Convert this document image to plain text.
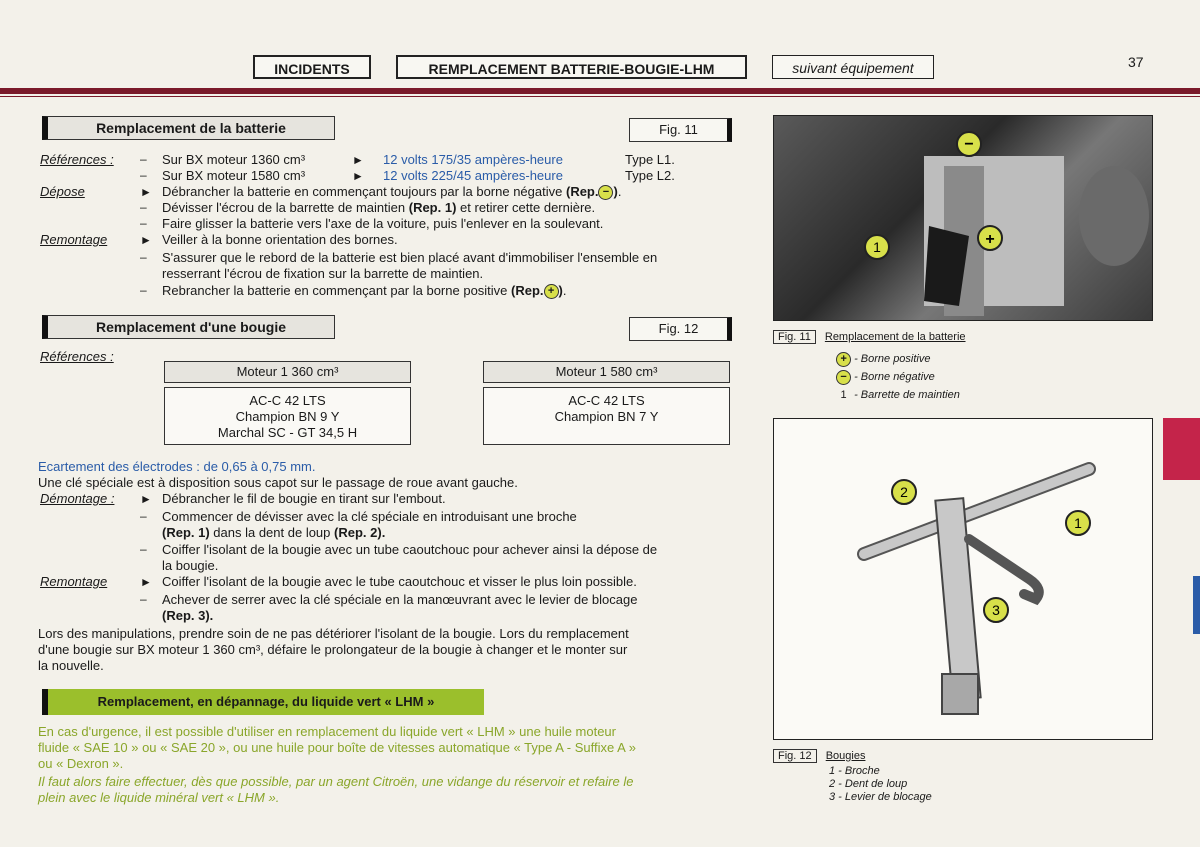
INCIDENTS	REMPLACEMENT BATTERIE-BOUGIE-LHM	suivant équipement	37
Remplacement de la batterie	Fig. 11
Références : – Sur BX moteur 1360 cm³	► 12 volts 175/35 ampères-heure	Type L1.
– Sur BX moteur 1580 cm³	► 12 volts 225/45 ampères-heure	Type L2.
Dépose	► Débrancher la batterie en commençant toujours par la borne négative (Rep. − ).
– Dévisser l'écrou de la barrette de maintien (Rep. 1) et retirer cette dernière.
– Faire glisser la batterie vers l'axe de la voiture, puis l'enlever en la soulevant.
Remontage	► Veiller à la bonne orientation des bornes.
– S'assurer que le rebord de la batterie est bien placé avant d'immobiliser l'ensemble en
resserrant l'écrou de fixation sur la barrette de maintien.
– Rebrancher la batterie en commençant par la borne positive (Rep. + ).
Remplacement d'une bougie	Fig. 12
Références :
Moteur 1 360 cm³
AC-C 42 LTS
Champion BN 9 Y
Marchal SC - GT 34,5 H
Moteur 1 580 cm³
AC-C 42 LTS
Champion BN 7 Y
Ecartement des électrodes : de 0,65 à 0,75 mm.
Une clé spéciale est à disposition sous capot sur le passage de roue avant gauche.
Démontage : ► Débrancher le fil de bougie en tirant sur l'embout.
– Commencer de dévisser avec la clé spéciale en introduisant une broche
(Rep. 1) dans la dent de loup (Rep. 2).
– Coiffer l'isolant de la bougie avec un tube caoutchouc pour achever ainsi la dépose de
la bougie.
Remontage	► Coiffer l'isolant de la bougie avec le tube caoutchouc et visser le plus loin possible.
– Achever de serrer avec la clé spéciale en la manœuvrant avec le levier de blocage
(Rep. 3).
Lors des manipulations, prendre soin de ne pas détériorer l'isolant de la bougie. Lors du remplacement
d'une bougie sur BX moteur 1 360 cm³, défaire le prolongateur de la bougie à changer et le monter sur
la nouvelle.
Remplacement, en dépannage, du liquide vert « LHM »
En cas d'urgence, il est possible d'utiliser en remplacement du liquide vert « LHM » une huile moteur
fluide « SAE 10 » ou « SAE 20 », ou une huile pour boîte de vitesses automatique « Type A - Suffixe A »
ou « Dexron ».
Il faut alors faire effectuer, dès que possible, par un agent Citroën, une vidange du réservoir et refaire le
plein avec le liquide minéral vert « LHM ».
−
+
1
Fig. 11 Remplacement de la batterie
+ - Borne positive
− - Borne négative
1 - Barrette de maintien
2
1
3
Fig. 12 Bougies
1 - Broche
2 - Dent de loup
3 - Levier de blocage
